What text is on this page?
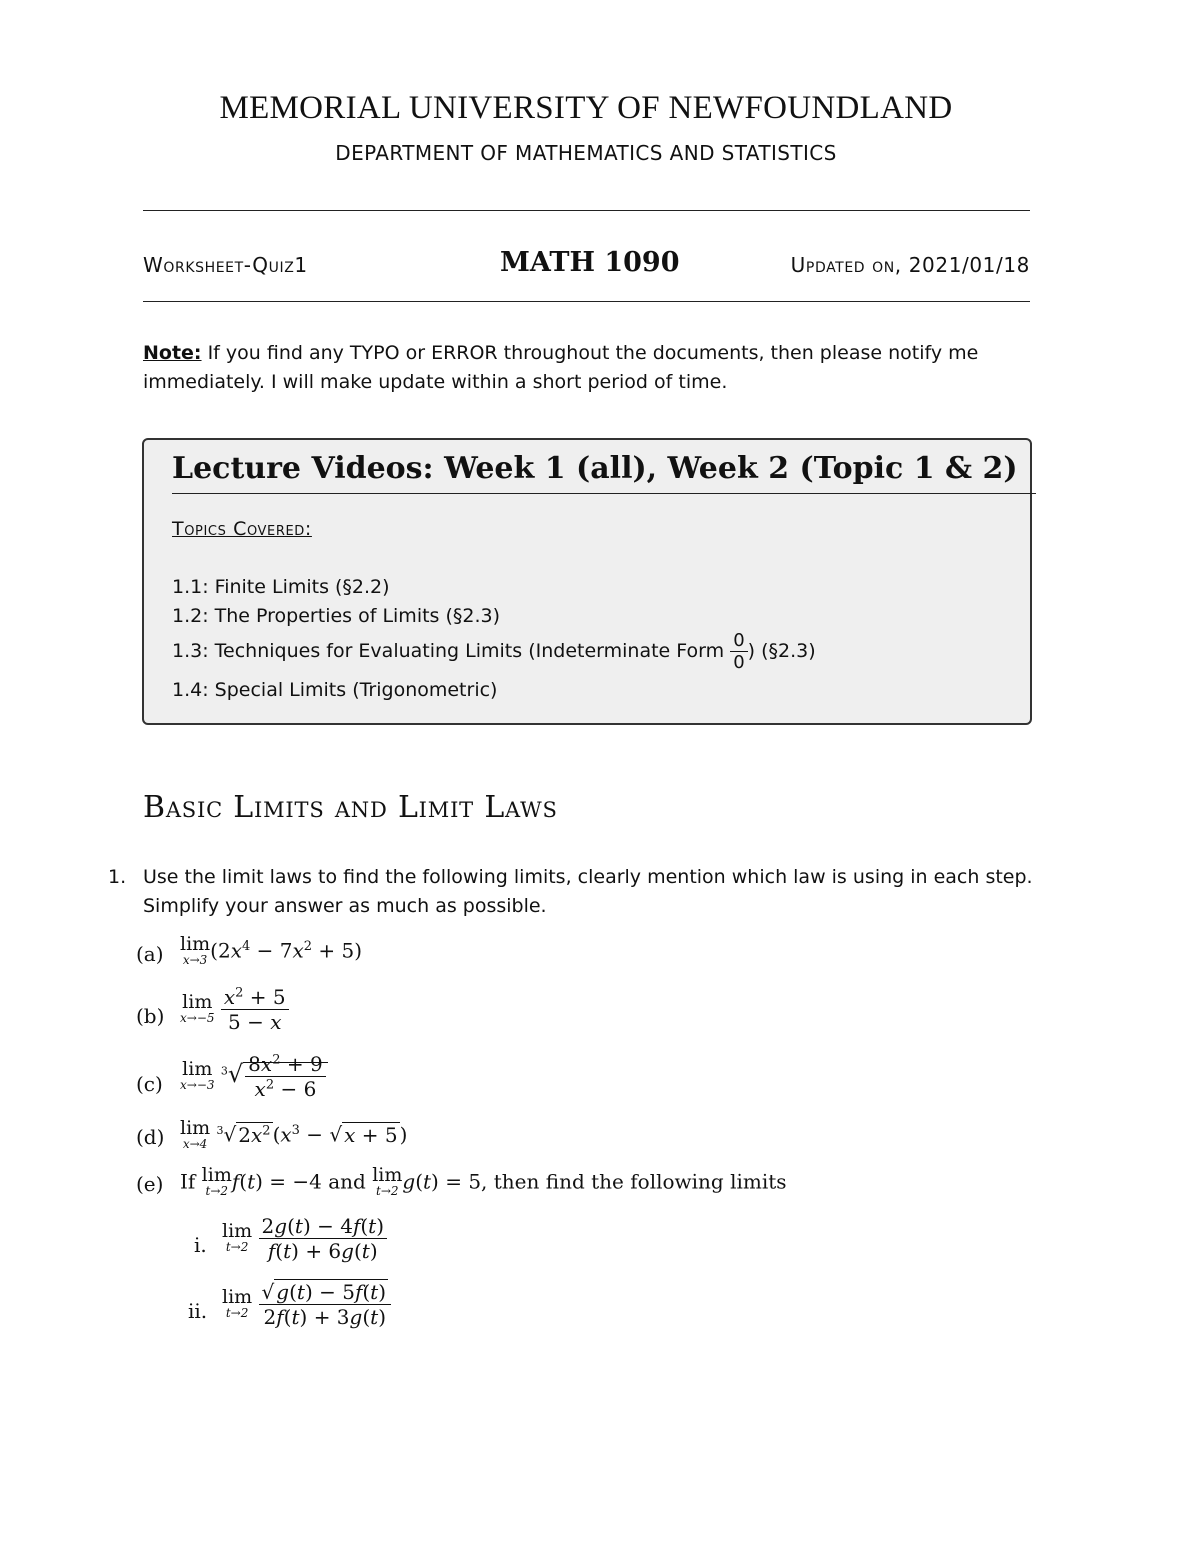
MEMORIAL UNIVERSITY OF NEWFOUNDLAND
DEPARTMENT OF MATHEMATICS AND STATISTICS
Worksheet-Quiz1	MATH 1090	Updated on, 2021/01/18
Note: If you find any TYPO or ERROR throughout the documents, then please notify me immediately. I will make update within a short period of time.
Lecture Videos: Week 1 (all), Week 2 (Topic 1 & 2)
Topics Covered:
1.1: Finite Limits (§2.2)
1.2: The Properties of Limits (§2.3)
1.3: Techniques for Evaluating Limits (Indeterminate Form $\frac{0}{0}$ ) (§2.3)
1.4: Special Limits (Trigonometric)
Basic Limits and Limit Laws
1. Use the limit laws to find the following limits, clearly mention which law is using in each step. Simplify your answer as much as possible.
(a) lim
x→3 $(2x^4 - 7x^2 + 5)$
(b)
lim
x→−5
$\frac{x^2 + 5}{5 - x}$
(c)
lim
x→−3
$^3√ \frac{8x^2 + 9}{x^2 - 6}$
(d) lim
x→4
$^3$√ $2x^2$ ($x^3$ − √ x + 5 )
(e) If lim
t→2 f(t) = −4 and lim
t→2 g(t) = 5, then find the following limits
i.
lim
t→2
$\frac{2g(t) - 4f(t)}{f(t) + 6g(t)}$
ii.
lim
t→2
$\frac{√ g(t) - 5f(t)}{2f(t) + 3g(t)}$
